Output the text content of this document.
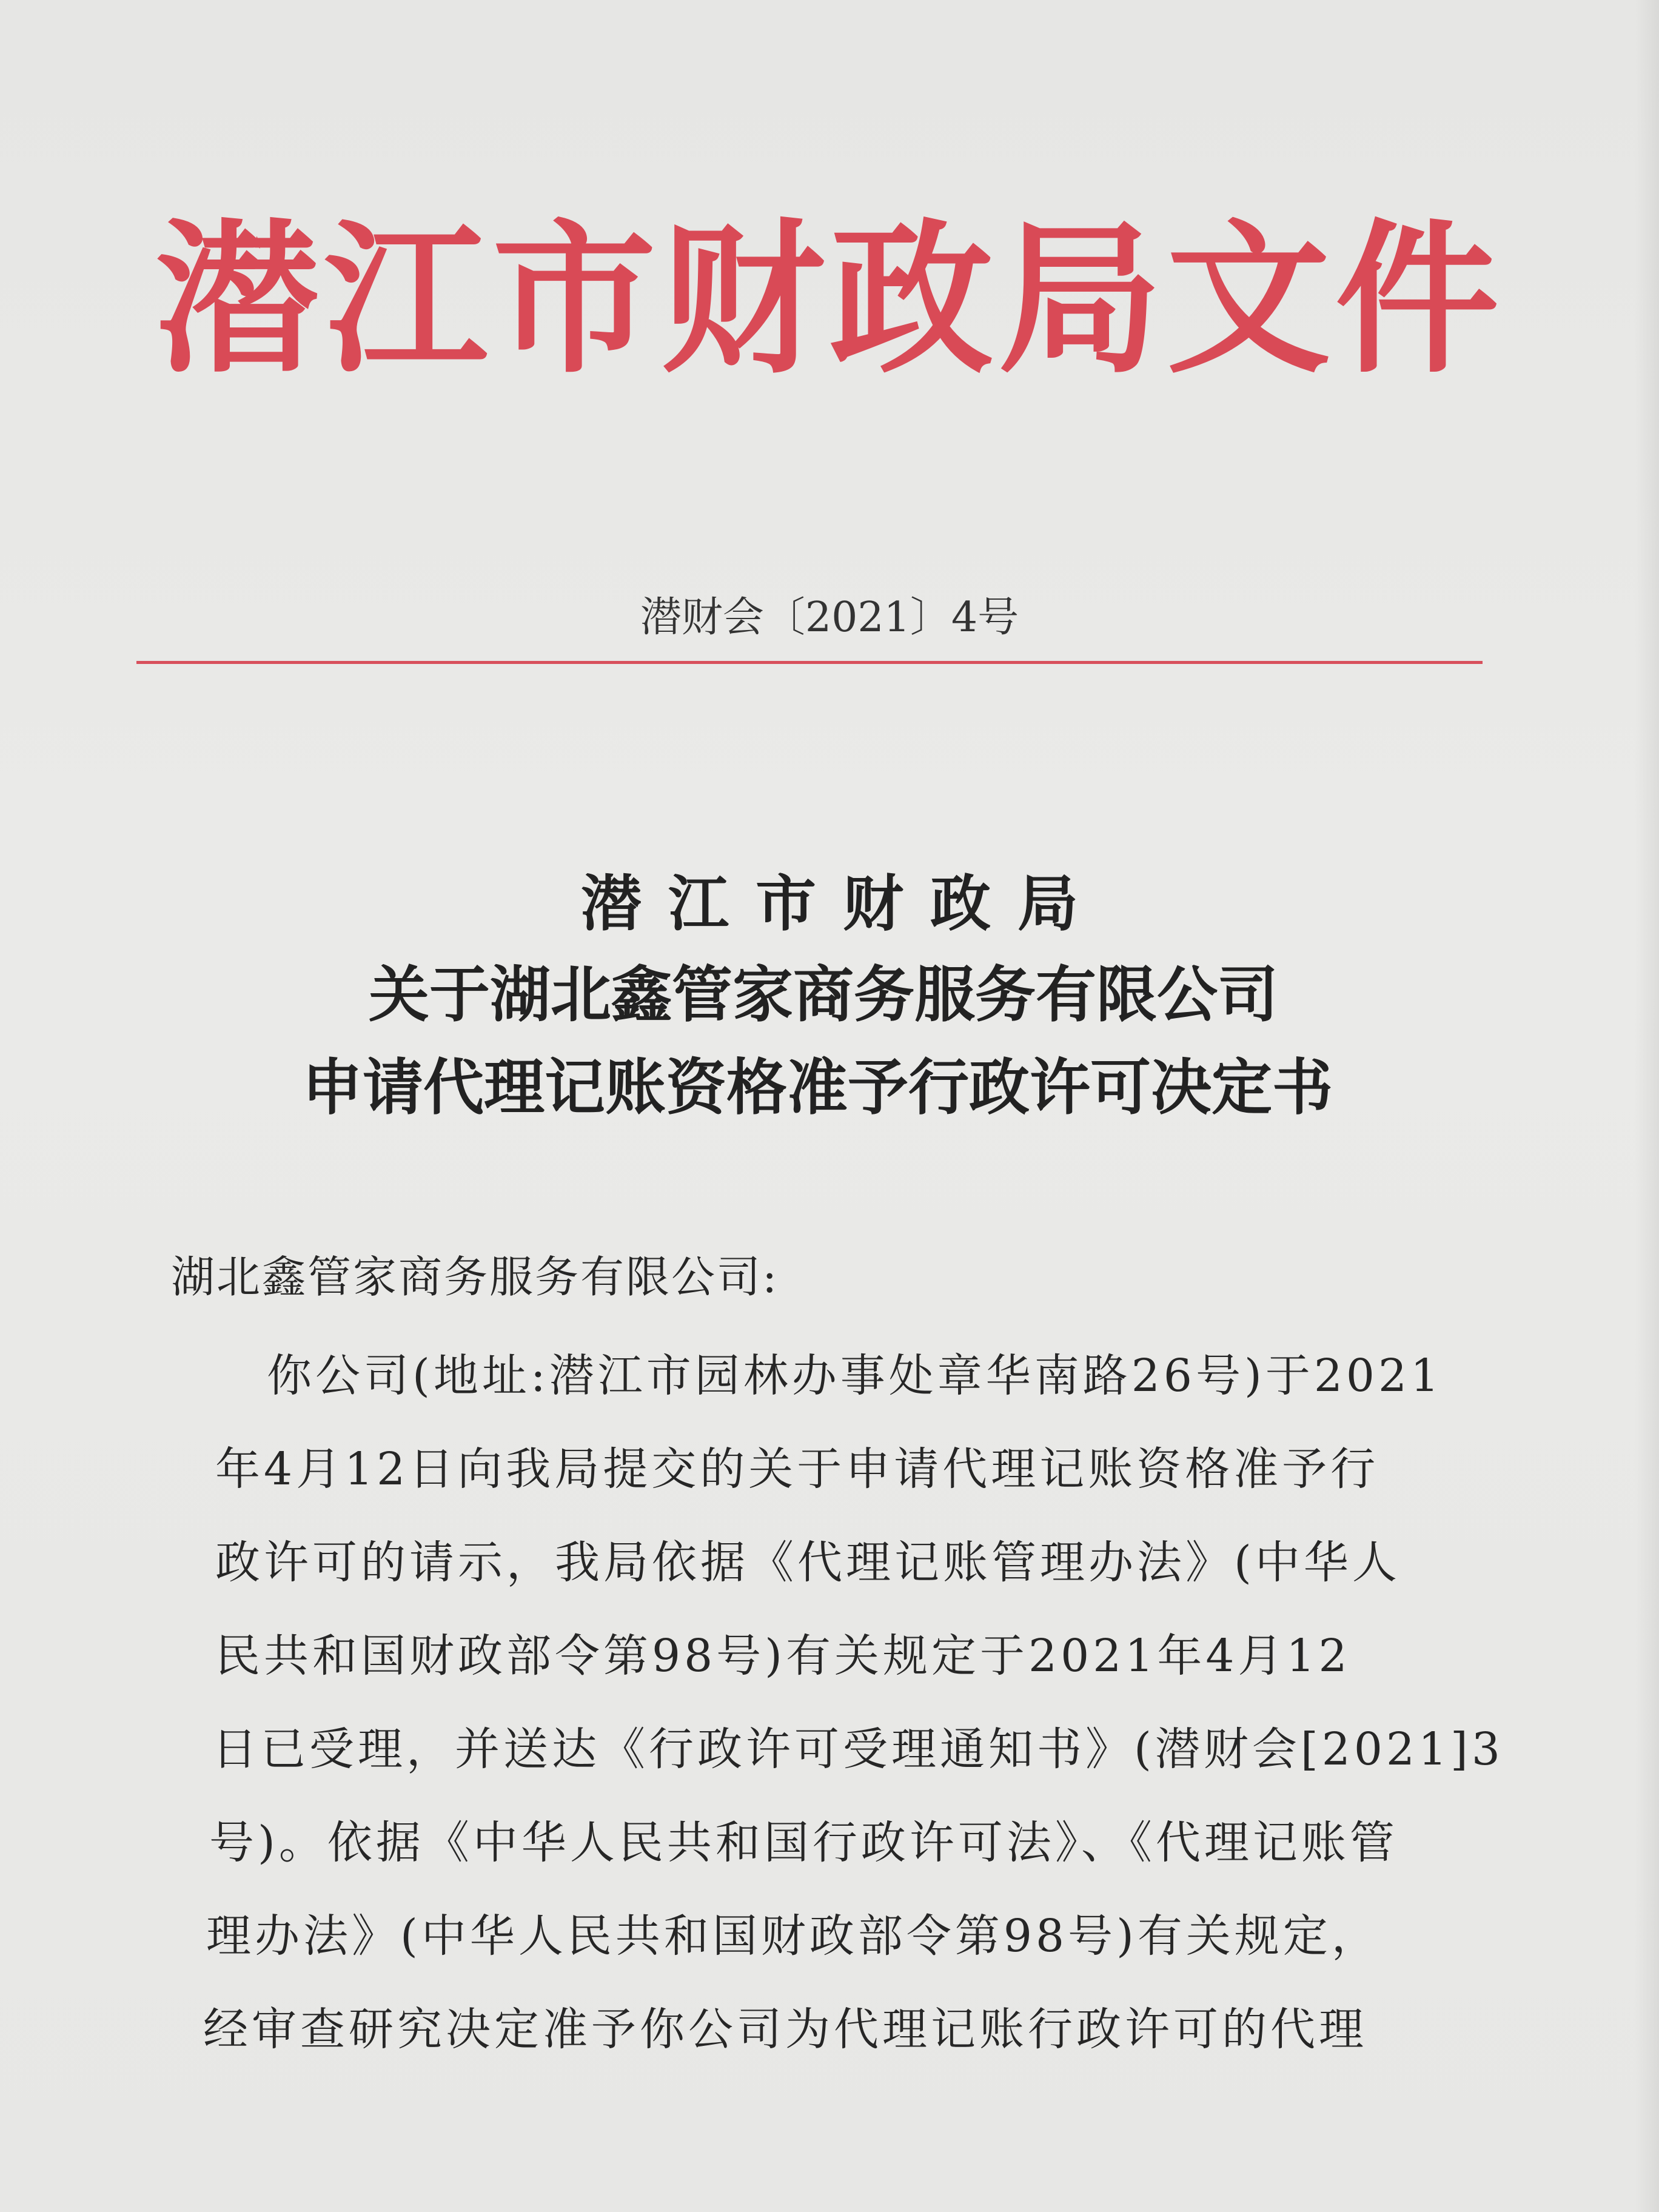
潜江市财政局文件
潜财会〔2021〕4号
潜江市财政局
关于湖北鑫管家商务服务有限公司
申请代理记账资格准予行政许可决定书
湖北鑫管家商务服务有限公司:
你公司(地址:潜江市园林办事处章华南路26号)于2021
年4月12日向我局提交的关于申请代理记账资格准予行
政许可的请示，我局依据《代理记账管理办法》(中华人
民共和国财政部令第98号)有关规定于2021年4月12
日已受理，并送达《行政许可受理通知书》(潜财会[2021]3
号)。依据《中华人民共和国行政许可法》、《代理记账管
理办法》(中华人民共和国财政部令第98号)有关规定，
经审查研究决定准予你公司为代理记账行政许可的代理
